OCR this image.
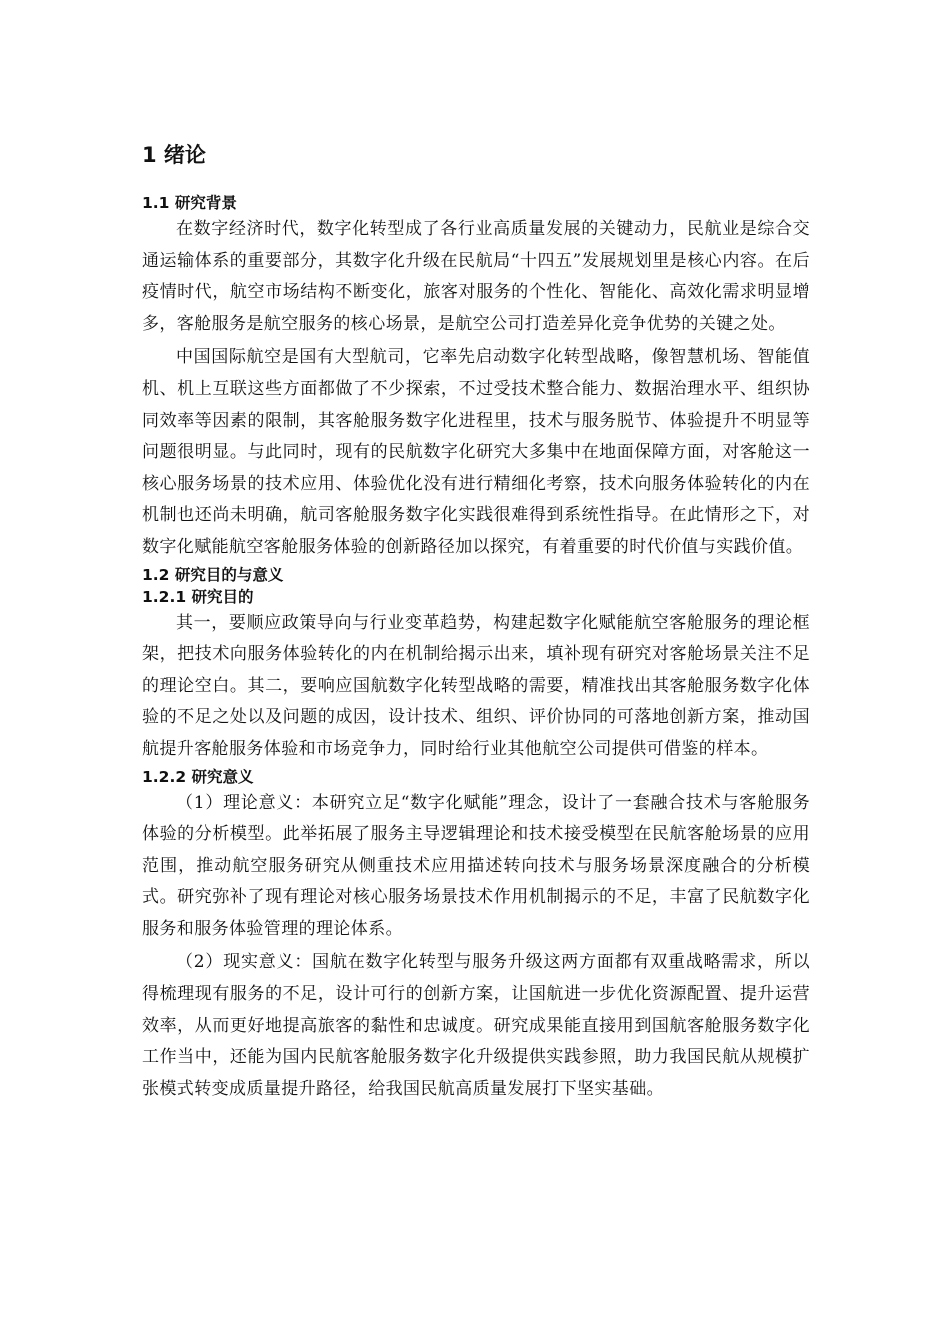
1 绪论
1.1 研究背景

在数字经济时代，数字化转型成了各行业高质量发展的关键动力，民航业是综合交通运输体系的重要部分，其数字化升级在民航局“十四五”发展规划里是核心内容。在后疫情时代，航空市场结构不断变化，旅客对服务的个性化、智能化、高效化需求明显增多，客舱服务是航空服务的核心场景，是航空公司打造差异化竞争优势的关键之处。

中国国际航空是国有大型航司，它率先启动数字化转型战略，像智慧机场、智能值机、机上互联这些方面都做了不少探索，不过受技术整合能力、数据治理水平、组织协同效率等因素的限制，其客舱服务数字化进程里，技术与服务脱节、体验提升不明显等问题很明显。与此同时，现有的民航数字化研究大多集中在地面保障方面，对客舱这一核心服务场景的技术应用、体验优化没有进行精细化考察，技术向服务体验转化的内在机制也还尚未明确，航司客舱服务数字化实践很难得到系统性指导。在此情形之下，对数字化赋能航空客舱服务体验的创新路径加以探究，有着重要的时代价值与实践价值。

1.2 研究目的与意义
1.2.1 研究目的

其一，要顺应政策导向与行业变革趋势，构建起数字化赋能航空客舱服务的理论框架，把技术向服务体验转化的内在机制给揭示出来，填补现有研究对客舱场景关注不足的理论空白。其二，要响应国航数字化转型战略的需要，精准找出其客舱服务数字化体验的不足之处以及问题的成因，设计技术、组织、评价协同的可落地创新方案，推动国航提升客舱服务体验和市场竞争力，同时给行业其他航空公司提供可借鉴的样本。

1.2.2 研究意义

（1）理论意义：本研究立足“数字化赋能”理念，设计了一套融合技术与客舱服务体验的分析模型。此举拓展了服务主导逻辑理论和技术接受模型在民航客舱场景的应用范围，推动航空服务研究从侧重技术应用描述转向技术与服务场景深度融合的分析模式。研究弥补了现有理论对核心服务场景技术作用机制揭示的不足，丰富了民航数字化服务和服务体验管理的理论体系。

（2）现实意义：国航在数字化转型与服务升级这两方面都有双重战略需求，所以得梳理现有服务的不足，设计可行的创新方案，让国航进一步优化资源配置、提升运营效率，从而更好地提高旅客的黏性和忠诚度。研究成果能直接用到国航客舱服务数字化工作当中，还能为国内民航客舱服务数字化升级提供实践参照，助力我国民航从规模扩张模式转变成质量提升路径，给我国民航高质量发展打下坚实基础。
